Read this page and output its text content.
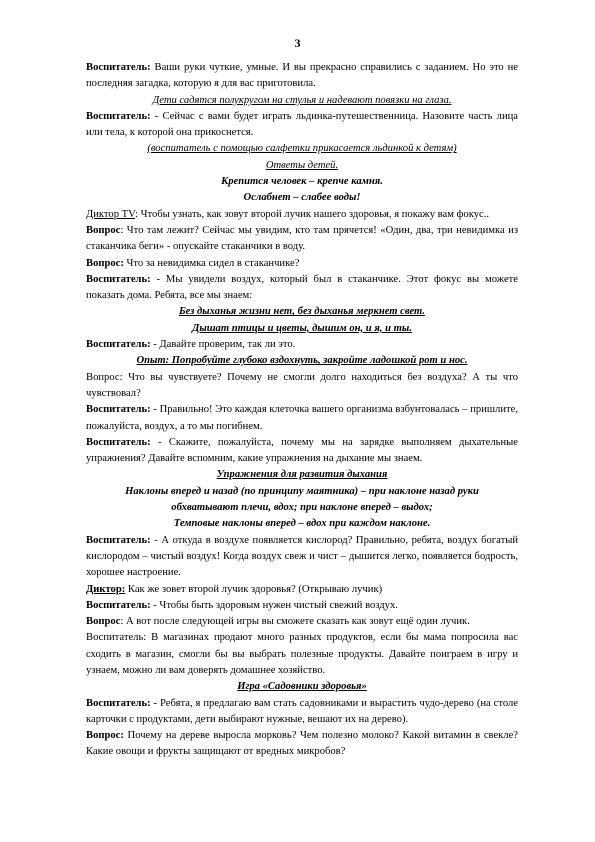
3

Воспитатель: Ваши руки чуткие, умные. И вы прекрасно справились с заданием. Но это не последняя загадка, которую я для вас приготовила.

Дети садятся полукругом на стулья и надевают повязки на глаза.

Воспитатель: - Сейчас с вами будет играть льдинка-путешественница. Назовите часть лица или тела, к которой она прикоснется.

(воспитатель с помощью салфетки прикасается льдинкой к детям)

Ответы детей.

Крепится человек – крепче камня.

Ослабнет – слабее воды!

Диктор TV: Чтобы узнать, как зовут второй лучик нашего здоровья, я покажу вам фокус..

Вопрос: Что там лежит? Сейчас мы увидим, кто там прячется! «Один, два, три невидимка из стаканчика беги» - опускайте стаканчики в воду.

Вопрос: Что за невидимка сидел в стаканчике?

Воспитатель: - Мы увидели воздух, который был в стаканчике. Этот фокус вы можете показать дома. Ребята, все мы знаем:

Без дыханья жизни нет, без дыханья меркнет свет.

Дышат птицы и цветы, дышим он, и я, и ты.

Воспитатель: - Давайте проверим, так ли это.

Опыт: Попробуйте глубоко вздохнуть, закройте ладошкой рот и нос.

Вопрос: Что вы чувствуете? Почему не смогли долго находиться без воздуха? А ты что чувствовал?

Воспитатель: - Правильно! Это каждая клеточка вашего организма взбунтовалась – пришлите, пожалуйста, воздух, а то мы погибнем.

Воспитатель: - Скажите, пожалуйста, почему мы на зарядке выполняем дыхательные упражнения? Давайте вспомним, какие упражнения на дыхание мы знаем.

Упражнения для развития дыхания

Наклоны вперед и назад (по принципу маятника) – при наклоне назад руки

обхватывают плечи, вдох; при наклоне вперед – выдох;

Темповые наклоны вперед – вдох при каждом наклоне.

Воспитатель: - А откуда в воздухе появляется кислород? Правильно, ребята, воздух богатый кислородом – чистый воздух! Когда воздух свеж и чист – дышится легко, появляется бодрость, хорошее настроение.

Диктор: Как же зовет второй лучик здоровья? (Открываю лучик)

Воспитатель: - Чтобы быть здоровым нужен чистый свежий воздух.

Вопрос: А вот после следующей игры вы сможете сказать как зовут ещё один лучик.

Воспитатель: В магазинах продают много разных продуктов, если бы мама попросила вас сходить в магазин, смогли бы вы выбрать полезные продукты. Давайте поиграем в игру и узнаем, можно ли вам доверять домашнее хозяйство.

Игра «Садовники здоровья»

Воспитатель: - Ребята, я предлагаю вам стать садовниками и вырастить чудо-дерево (на столе карточки с продуктами, дети выбирают нужные, вешают их на дерево).

Вопрос: Почему на дереве выросла морковь? Чем полезно молоко? Какой витамин в свекле? Какие овощи и фрукты защищают от вредных микробов?
